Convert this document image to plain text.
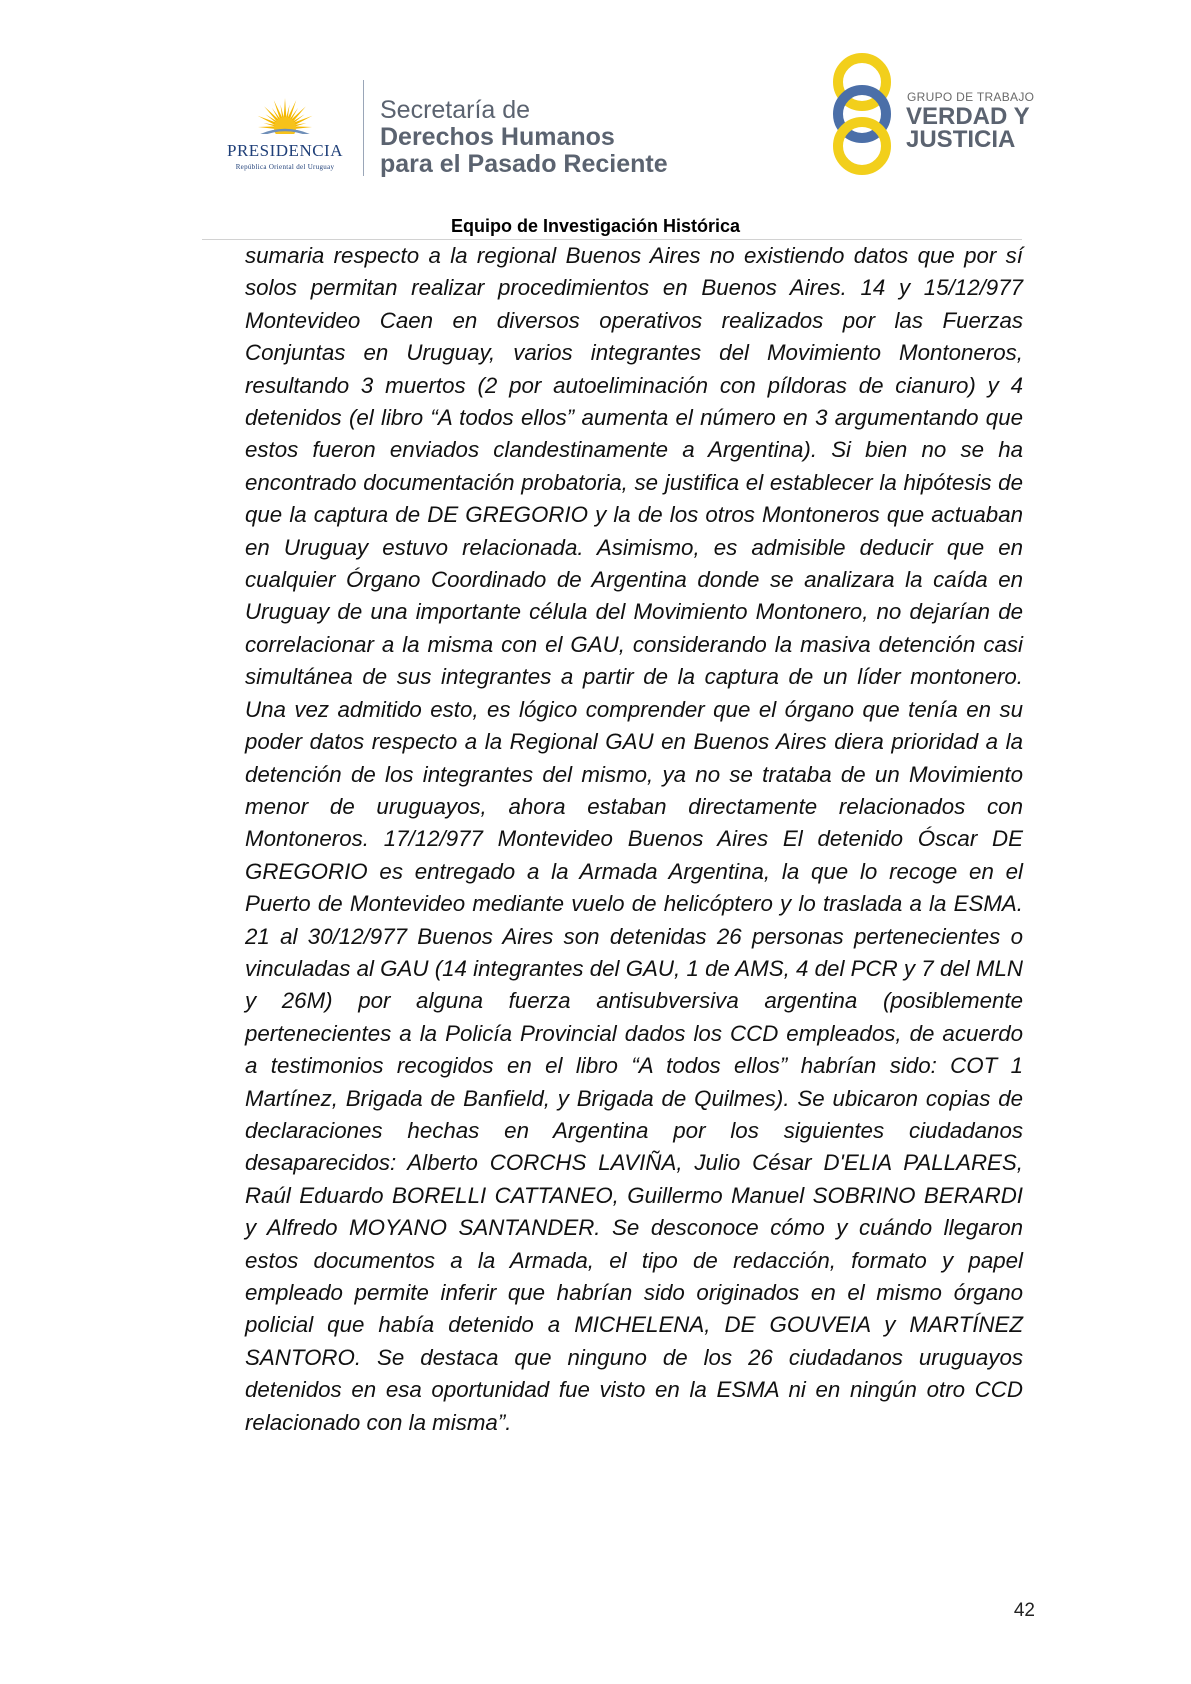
PRESIDENCIA
República Oriental del Uruguay
Secretaría de
Derechos Humanos
para el Pasado Reciente
GRUPO DE TRABAJO
VERDAD Y
JUSTICIA
Equipo de Investigación Histórica
sumaria respecto a la regional Buenos Aires no existiendo datos que por sí solos permitan realizar procedimientos en Buenos Aires. 14 y 15/12/977 Montevideo Caen en diversos operativos realizados por las Fuerzas Conjuntas en Uruguay, varios integrantes del Movimiento Montoneros, resultando 3 muertos (2 por autoeliminación con píldoras de cianuro) y 4 detenidos (el libro “A todos ellos” aumenta el número en 3 argumentando que estos fueron enviados clandestinamente a Argentina). Si bien no se ha encontrado documentación probatoria, se justifica el establecer la hipótesis de que la captura de DE GREGORIO y la de los otros Montoneros que actuaban en Uruguay estuvo relacionada. Asimismo, es admisible deducir que en cualquier Órgano Coordinado de Argentina donde se analizara la caída en Uruguay de una importante célula del Movimiento Montonero, no dejarían de correlacionar a la misma con el GAU, considerando la masiva detención casi simultánea de sus integrantes a partir de la captura de un líder montonero. Una vez admitido esto, es lógico comprender que el órgano que tenía en su poder datos respecto a la Regional GAU en Buenos Aires diera prioridad a la detención de los integrantes del mismo, ya no se trataba de un Movimiento menor de uruguayos, ahora estaban directamente relacionados con Montoneros. 17/12/977 Montevideo Buenos Aires El detenido Óscar DE GREGORIO es entregado a la Armada Argentina, la que lo recoge en el Puerto de Montevideo mediante vuelo de helicóptero y lo traslada a la ESMA. 21 al 30/12/977 Buenos Aires son detenidas 26 personas pertenecientes o vinculadas al GAU (14 integrantes del GAU, 1 de AMS, 4 del PCR y 7 del MLN y 26M) por alguna fuerza antisubversiva argentina (posiblemente pertenecientes a la Policía Provincial dados los CCD empleados, de acuerdo a testimonios recogidos en el libro “A todos ellos” habrían sido: COT 1 Martínez, Brigada de Banfield, y Brigada de Quilmes). Se ubicaron copias de declaraciones hechas en Argentina por los siguientes ciudadanos desaparecidos: Alberto CORCHS LAVIÑA, Julio César D'ELIA PALLARES, Raúl Eduardo BORELLI CATTANEO, Guillermo Manuel SOBRINO BERARDI y Alfredo MOYANO SANTANDER. Se desconoce cómo y cuándo llegaron estos documentos a la Armada, el tipo de redacción, formato y papel empleado permite inferir que habrían sido originados en el mismo órgano policial que había detenido a MICHELENA, DE GOUVEIA y MARTÍNEZ SANTORO. Se destaca que ninguno de los 26 ciudadanos uruguayos detenidos en esa oportunidad fue visto en la ESMA ni en ningún otro CCD relacionado con la misma”.
42
